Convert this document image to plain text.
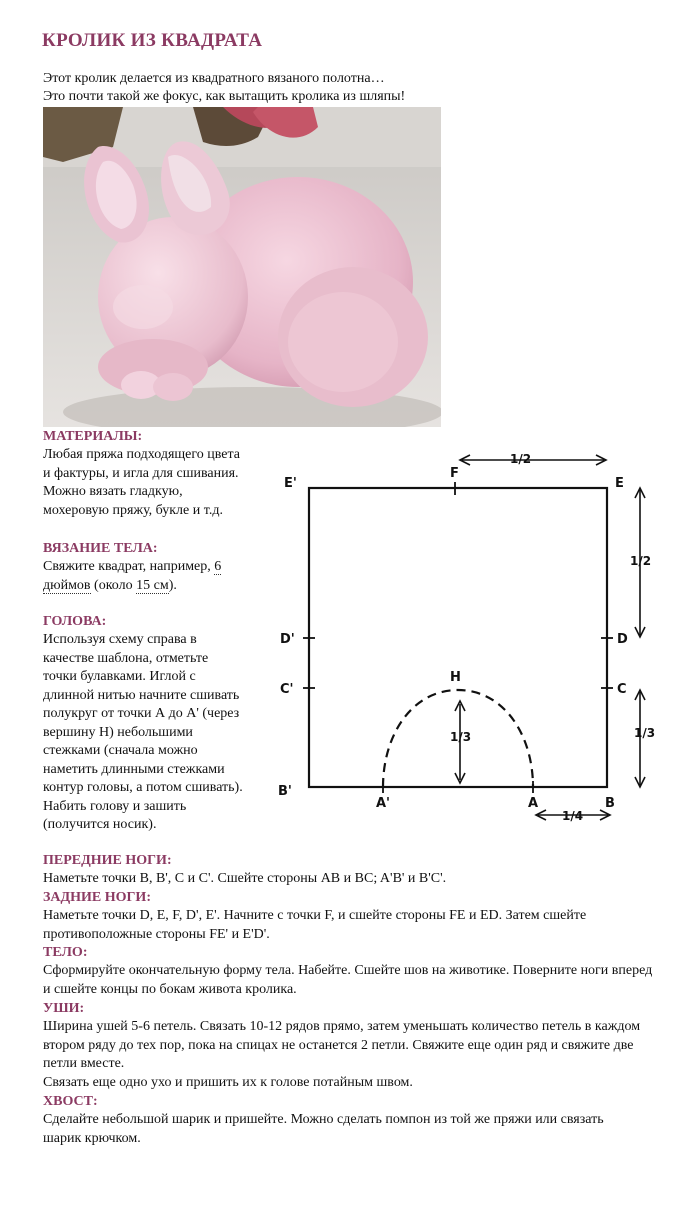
КРОЛИК ИЗ КВАДРАТА
Этот кролик делается из квадратного вязаного полотна…
Это почти такой же фокус, как вытащить кролика из шляпы!
МАТЕРИАЛЫ:
Любая пряжа подходящего цвета и фактуры, и игла для сшивания. Можно вязать гладкую, мохеровую пряжу, букле и т.д.
ВЯЗАНИЕ ТЕЛА:
Свяжите квадрат, например, 6 дюймов (около 15 см).
ГОЛОВА:
Используя схему справа в качестве шаблона, отметьте точки булавками. Иглой с длинной нитью начните сшивать полукруг от точки А до А' (через вершину Н) небольшими стежками (сначала можно наметить длинными стежками контур головы, а потом сшивать). Набить голову и зашить (получится носик).
ПЕРЕДНИЕ НОГИ:
Наметьте точки B, B', C и C'. Сшейте стороны AB и BC; A'B' и B'C'.
ЗАДНИЕ НОГИ:
Наметьте точки D, E, F, D', E'. Начните с точки F, и сшейте стороны FE и ED. Затем сшейте противоположные стороны FE' и E'D'.
ТЕЛО:
Сформируйте окончательную форму тела. Набейте. Сшейте шов на животике. Поверните ноги вперед и сшейте концы по бокам живота кролика.
УШИ:
Ширина ушей 5-6 петель. Связать 10-12 рядов прямо, затем уменьшать количество петель в каждом втором ряду до тех пор, пока на спицах не останется 2 петли. Свяжите еще один ряд и свяжите две петли вместе.
Связать еще одно ухо и пришить их к голове потайным швом.
ХВОСТ:
Сделайте небольшой шарик и пришейте. Можно сделать помпон из той же пряжи или связать шарик крючком.
E'
F
E
D'	D
C'	C
H
B'
A'	A	B
1/2
1/2
1/3
1/3
1/4
